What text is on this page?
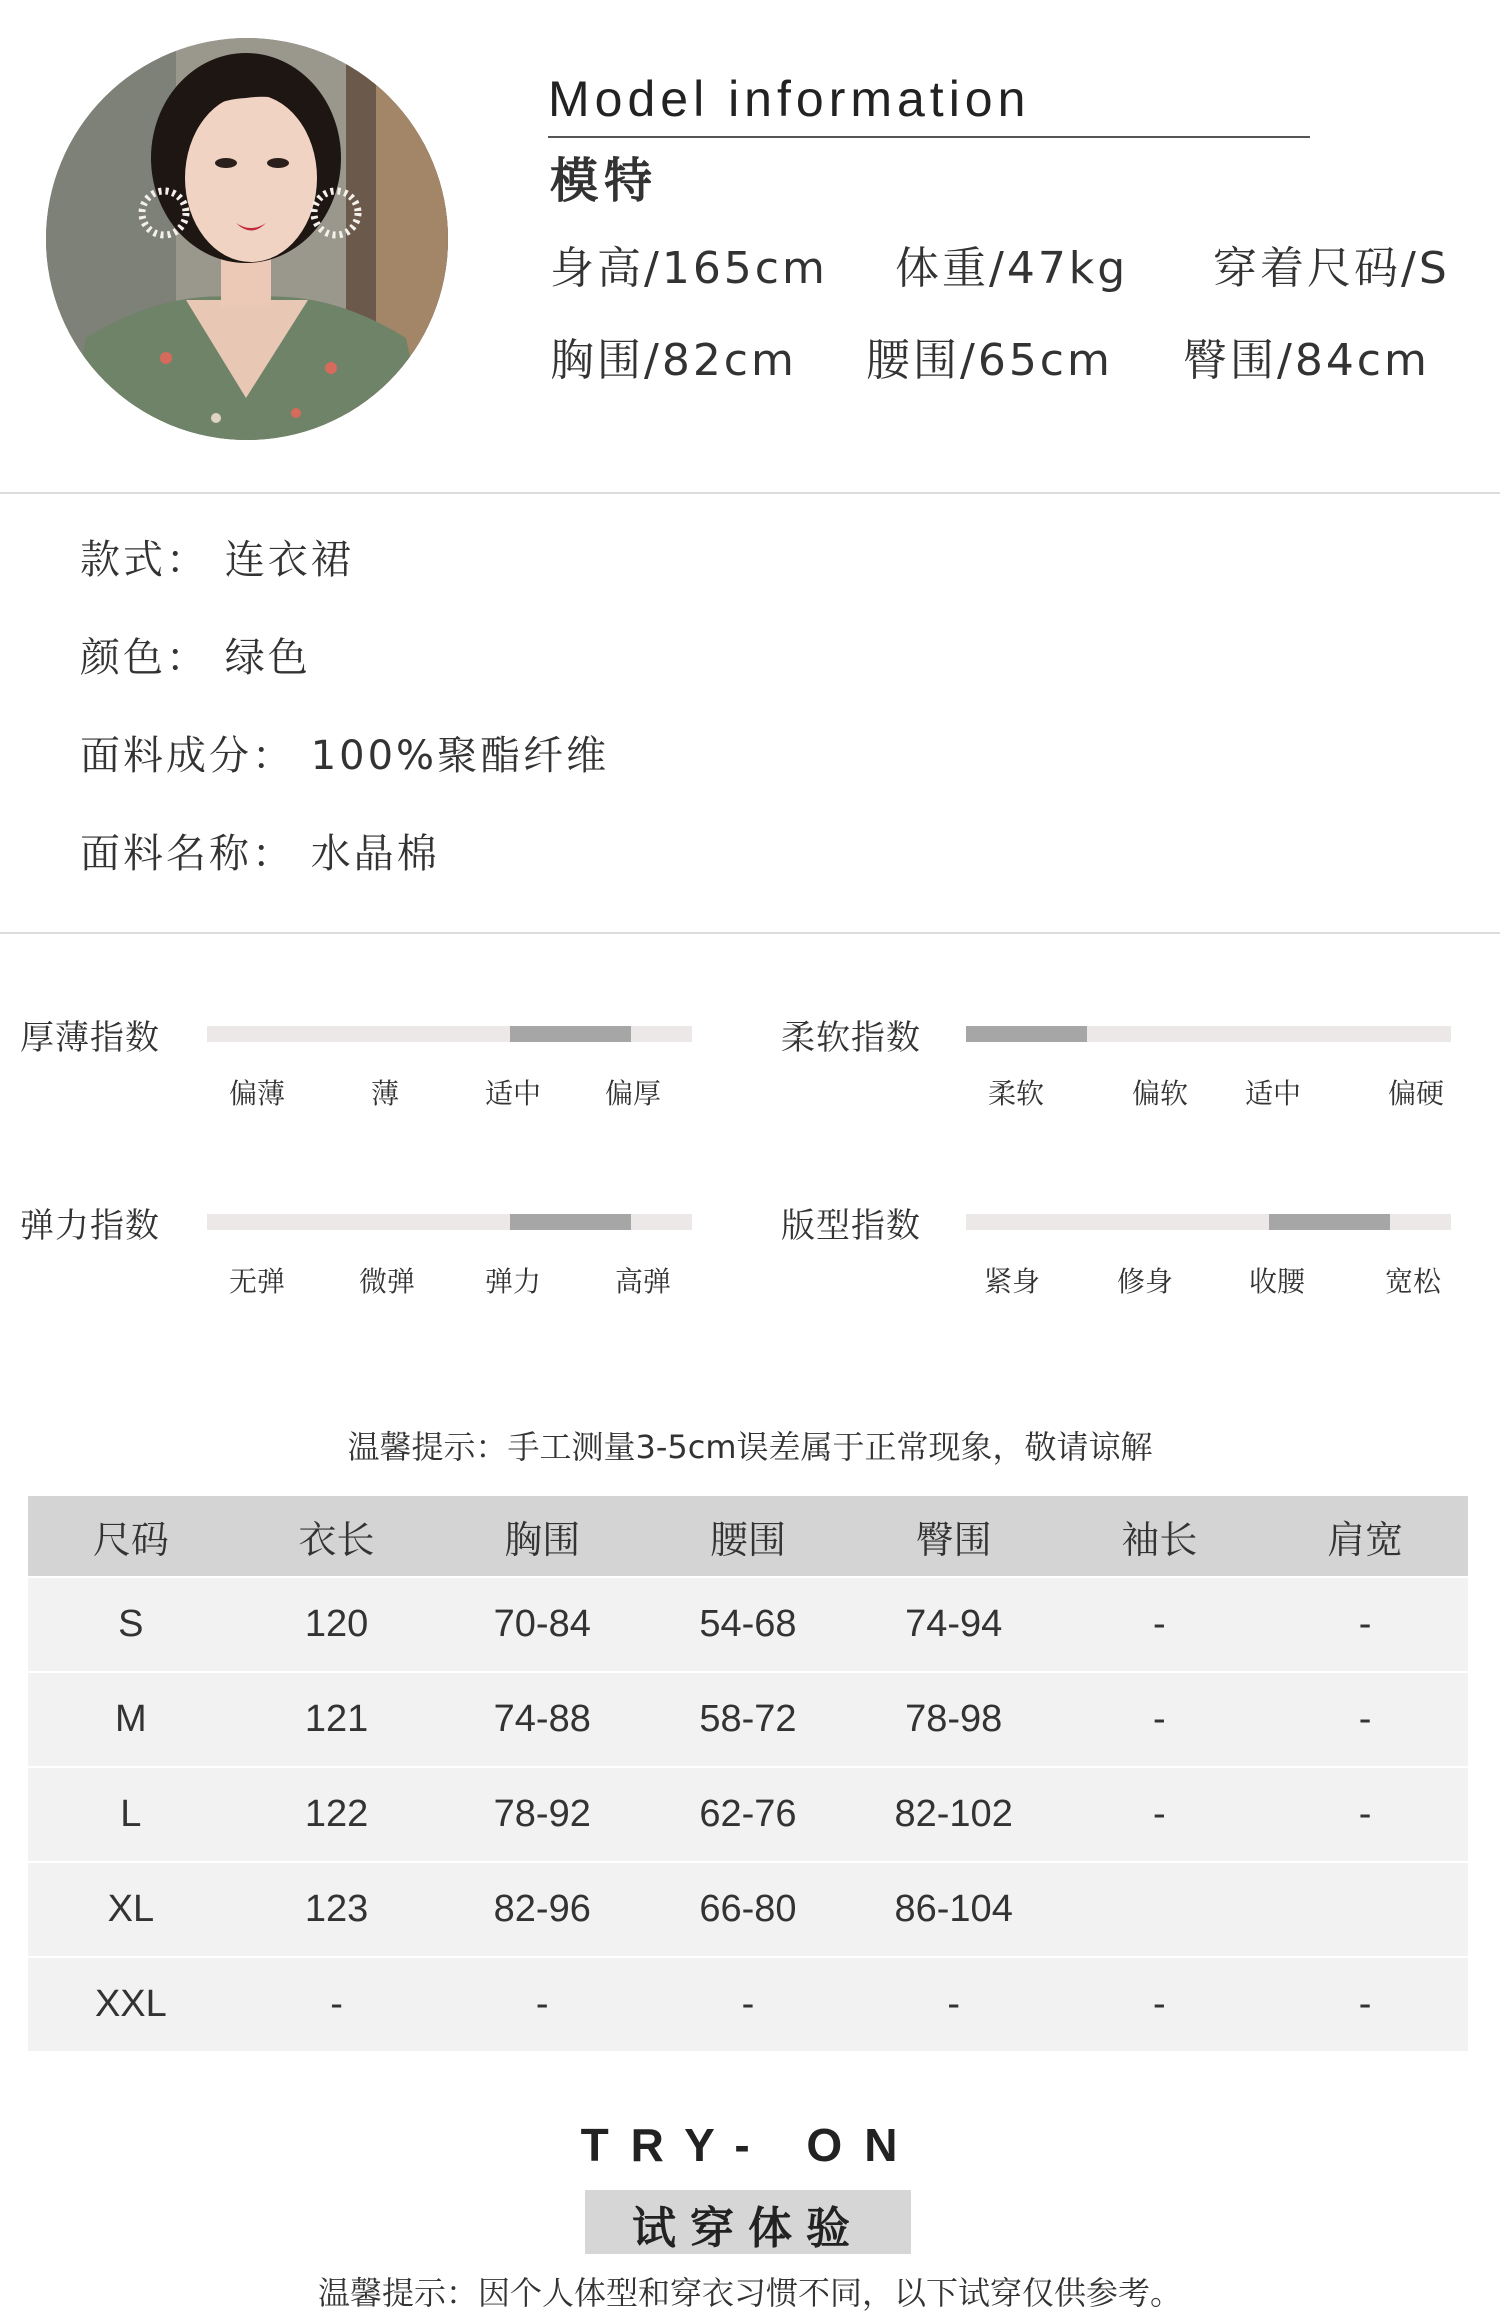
Model information
模特
身高/165cm 体重/47kg 穿着尺码/S
胸围/82cm 腰围/65cm 臀围/84cm
款式： 连衣裙
颜色： 绿色
面料成分： 100%聚酯纤维
面料名称： 水晶棉
厚薄指数
偏薄	薄	适中 偏厚
柔软指数
柔软	偏软 适中	偏硬
弹力指数
无弹	微弹 弹力	高弹
版型指数
紧身	修身	收腰	宽松
温馨提示：手工测量3-5cm误差属于正常现象，敬请谅解
尺码	衣长	胸围	腰围	臀围	袖长	肩宽
S	120	70-84	54-68	74-94	-	-
M	121	74-88	58-72	78-98	-	-
L	122	78-92	62-76	82-102	-	-
XL	123	82-96	66-80	86-104		
XXL	-	-	-	-	-	-
TRY- ON
试穿体验
温馨提示：因个人体型和穿衣习惯不同，以下试穿仅供参考。
